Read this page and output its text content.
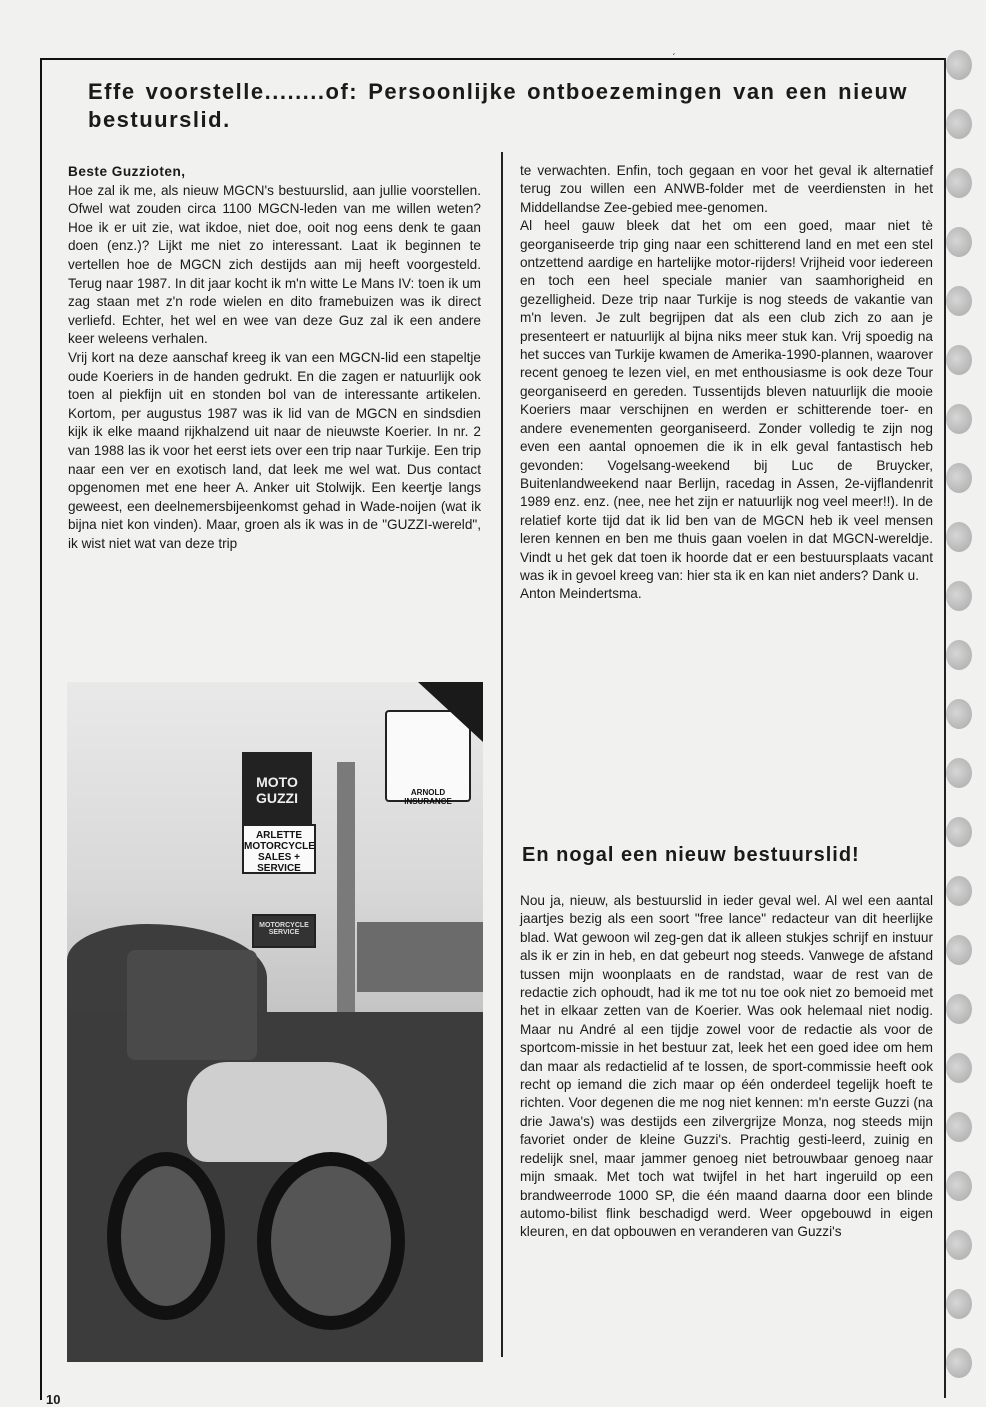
ˏ
Effe voorstelle........of: Persoonlijke ontboezemingen van een nieuw bestuurslid.

Beste Guzzioten,

Hoe zal ik me, als nieuw MGCN's bestuurslid, aan jullie voorstellen. Ofwel wat zouden circa 1100 MGCN-leden van me willen weten? Hoe ik er uit zie, wat ikdoe, niet doe, ooit nog eens denk te gaan doen (enz.)? Lijkt me niet zo interessant. Laat ik beginnen te vertellen hoe de MGCN zich destijds aan mij heeft voorgesteld. Terug naar 1987. In dit jaar kocht ik m'n witte Le Mans IV: toen ik um zag staan met z'n rode wielen en dito framebuizen was ik direct verliefd. Echter, het wel en wee van deze Guz zal ik een andere keer weleens verhalen.

Vrij kort na deze aanschaf kreeg ik van een MGCN-lid een stapeltje oude Koeriers in de handen gedrukt. En die zagen er natuurlijk ook toen al piekfijn uit en stonden bol van de interessante artikelen. Kortom, per augustus 1987 was ik lid van de MGCN en sindsdien kijk ik elke maand rijkhalzend uit naar de nieuwste Koerier. In nr. 2 van 1988 las ik voor het eerst iets over een trip naar Turkije. Een trip naar een ver en exotisch land, dat leek me wel wat. Dus contact opgenomen met ene heer A. Anker uit Stolwijk. Een keertje langs geweest, een deelnemersbijeenkomst gehad in Wade-noijen (wat ik bijna niet kon vinden). Maar, groen als ik was in de "GUZZI-wereld", ik wist niet wat van deze trip

te verwachten. Enfin, toch gegaan en voor het geval ik alternatief terug zou willen een ANWB-folder met de veerdiensten in het Middellandse Zee-gebied mee-genomen.

Al heel gauw bleek dat het om een goed, maar niet tè georganiseerde trip ging naar een schitterend land en met een stel ontzettend aardige en hartelijke motor-rijders! Vrijheid voor iedereen en toch een heel speciale manier van saamhorigheid en gezelligheid. Deze trip naar Turkije is nog steeds de vakantie van m'n leven. Je zult begrijpen dat als een club zich zo aan je presenteert er natuurlijk al bijna niks meer stuk kan. Vrij spoedig na het succes van Turkije kwamen de Amerika-1990-plannen, waarover recent genoeg te lezen viel, en met enthousiasme is ook deze Tour georganiseerd en gereden. Tussentijds bleven natuurlijk die mooie Koeriers maar verschijnen en werden er schitterende toer- en andere evenementen georganiseerd. Zonder volledig te zijn nog even een aantal opnoemen die ik in elk geval fantastisch heb gevonden: Vogelsang-weekend bij Luc de Bruycker, Buitenlandweekend naar Berlijn, racedag in Assen, 2e-vijflandenrit 1989 enz. enz. (nee, nee het zijn er natuurlijk nog veel meer!!). In de relatief korte tijd dat ik lid ben van de MGCN heb ik veel mensen leren kennen en ben me thuis gaan voelen in dat MGCN-wereldje. Vindt u het gek dat toen ik hoorde dat er een bestuursplaats vacant was ik in gevoel kreeg van: hier sta ik en kan niet anders? Dank u.

Anton Meindertsma.

En nogal een nieuw bestuurslid!

Nou ja, nieuw, als bestuurslid in ieder geval wel. Al wel een aantal jaartjes bezig als een soort "free lance" redacteur van dit heerlijke blad. Wat gewoon wil zeg-gen dat ik alleen stukjes schrijf en instuur als ik er zin in heb, en dat gebeurt nog steeds. Vanwege de afstand tussen mijn woonplaats en de randstad, waar de rest van de redactie zich ophoudt, had ik me tot nu toe ook niet zo bemoeid met het in elkaar zetten van de Koerier. Was ook helemaal niet nodig. Maar nu André al een tijdje zowel voor de redactie als voor de sportcom-missie in het bestuur zat, leek het een goed idee om hem dan maar als redactielid af te lossen, de sport-commissie heeft ook recht op iemand die zich maar op één onderdeel tegelijk hoeft te richten. Voor degenen die me nog niet kennen: m'n eerste Guzzi (na drie Jawa's) was destijds een zilvergrijze Monza, nog steeds mijn favoriet onder de kleine Guzzi's. Prachtig gesti-leerd, zuinig en redelijk snel, maar jammer genoeg niet betrouwbaar genoeg naar mijn smaak. Met toch wat twijfel in het hart ingeruild op een brandweerrode 1000 SP, die één maand daarna door een blinde automo-bilist flink beschadigd werd. Weer opgebouwd in eigen kleuren, en dat opbouwen en veranderen van Guzzi's

MOTO GUZZI
ARLETTE MOTORCYCLE SALES + SERVICE
ARNOLD INSURANCE
MOTORCYCLE SERVICE
10
